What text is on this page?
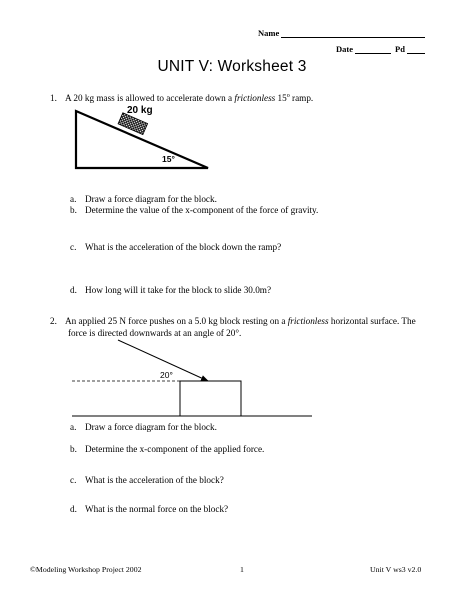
Name
Date	Pd
UNIT V: Worksheet 3
1. A 20 kg mass is allowed to accelerate down a frictionless 15$^o$ ramp.
20 kg
15°
a. Draw a force diagram for the block.
b. Determine the value of the x-component of the force of gravity.
c. What is the acceleration of the block down the ramp?
d. How long will it take for the block to slide 30.0m?
2. An applied 25 N force pushes on a 5.0 kg block resting on a frictionless horizontal surface. The
force is directed downwards at an angle of 20°.
20°
a. Draw a force diagram for the block.
b. Determine the x-component of the applied force.
c. What is the acceleration of the block?
d. What is the normal force on the block?
©Modeling Workshop Project 2002	1	Unit V ws3 v2.0
